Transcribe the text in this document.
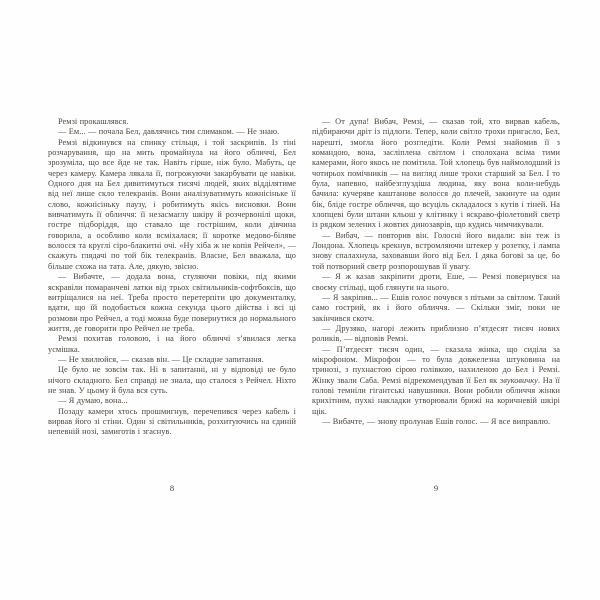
Ремзі прокашлявся.

— Ем... — почала Бел, давлячись тим слимаком. — Не знаю.

Ремзі відкинувся на спинку стільця, і той заскрипів. Із тіні розчарування, що на мить промайнула на його обличчі, Бел зрозуміла, що все йде не так. Навіть гірше, ніж було. Мабуть, це через камеру. Камера лякала її, погрожуючи закарбувати це навіки. Одного дня на Бел дивитимуться тисячі людей, яких відділятиме від неї лише скло телекранів. Вони аналізуватимуть кожнісіньке її слово, кожнісіньку паузу, і робитимуть якісь висновки. Вони вивчатимуть її обличчя: її незасмаглу шкіру й розчервонілі щоки, гостре підборіддя, що ставало ще гострішим, коли дівчина говорила, а особливо коли всміхалася; її коротке медово-біляве волосся та круглі сіро-блакитні очі. «Ну хіба ж не копія Рейчел», — скажуть глядачі по той бік телекранів. Власне, Бел вважала, що більше схожа на тата. Але, дякую, звісно.

— Вибачте, — додала вона, стуляючи повіки, під якими яскравіли помаранчеві латки від трьох світильників-софтбоксів, що витріщалися на неї. Треба просто перетерпіти цю документалку, вдати, що їй подобається кожна секунда цього дійства і всі ці розмови про Рейчел, а тоді можна буде повернутися до нормального життя, де говорити про Рейчел не треба.

Ремзі похитав головою, і на його обличчі з’явилася легка усмішка.

— Не хвилюйся, — сказав він. — Це складне запитання.

Це було не зовсім так. Ні в запитанні, ні у відповіді не було нічого складного. Бел справді не знала, що сталося з Рейчел. Ніхто не знав. У цьому й була вся суть.

— Я думаю, вона...

Позаду камери хтось прошмигнув, перечепився через кабель і вирвав його зі стіни. Один зі світильників, розхитуючись на єдиній непевній нозі, замиготів і згаснув.

8

— От дупа! Вибач, Ремзі, — сказав той, хто вирвав кабель, підбираючи дріт із підлоги. Тепер, коли світло трохи пригасло, Бел, нарешті, змогла його розгледіти. Коли Ремзі знайомив її з командою, вона, засліплена світлом і сполохана всіма тими камерами, його якось не помітила. Той хлопець був наймолодший із чотирьох помічників — на вигляд лише трохи старший за Бел. І то була, напевно, найбезглуздіша людина, яку вона коли-небудь бачила: кучеряве каштанове волосся до плечей, закинуте на один бік, бліде гостре обличчя, що всуціль складалося з кутів і тіней. На хлопцеві були штани кльош у клітинку і яскраво-фіолетовий светр із рядком зелених і жовтих динозаврів, що кудись чимчикували.

— Вибач, — повторив він. Голосні його видали: він теж із Лондона. Хлопець крекнув, встромляючи штекер у розетку, і лампа знову спалахнула, заховавши його від Бел. І дяка богові за це, бо той потворний светр розпорошував її увагу.

— Я ж казав закріпити дроти, Еше, — Ремзі повернувся на своєму стільці, щоб глянути на нього.

— Я закріпив... — Ешів голос почувся з пітьми за світлом. Такий само гострий, як і його обличчя. — Скільки зміг, поки не закінчився скотч.

— Друзяко, нагорі лежить приблизно п’ятдесят тисяч нових роликів, — відповів Ремзі.

— П’ятдесят тисяч один, — сказала жінка, що сиділа за мікрофоном. Мікрофон — то була довжелезна штуковина на тринозі, з пухнастою сірою голівкою, нахиленою до Бел і Ремзі. Жінку звали Саба. Ремзі відрекомендував її Бел як звуковичку. На її голові темніли гігантські навушники. Вони робили обличчя жінки крихітним, пухкі накладки утворювали брижі на коричневій шкірі щік.

— Вибачте, — знову пролунав Ешів голос. — Я все виправлю.

9
